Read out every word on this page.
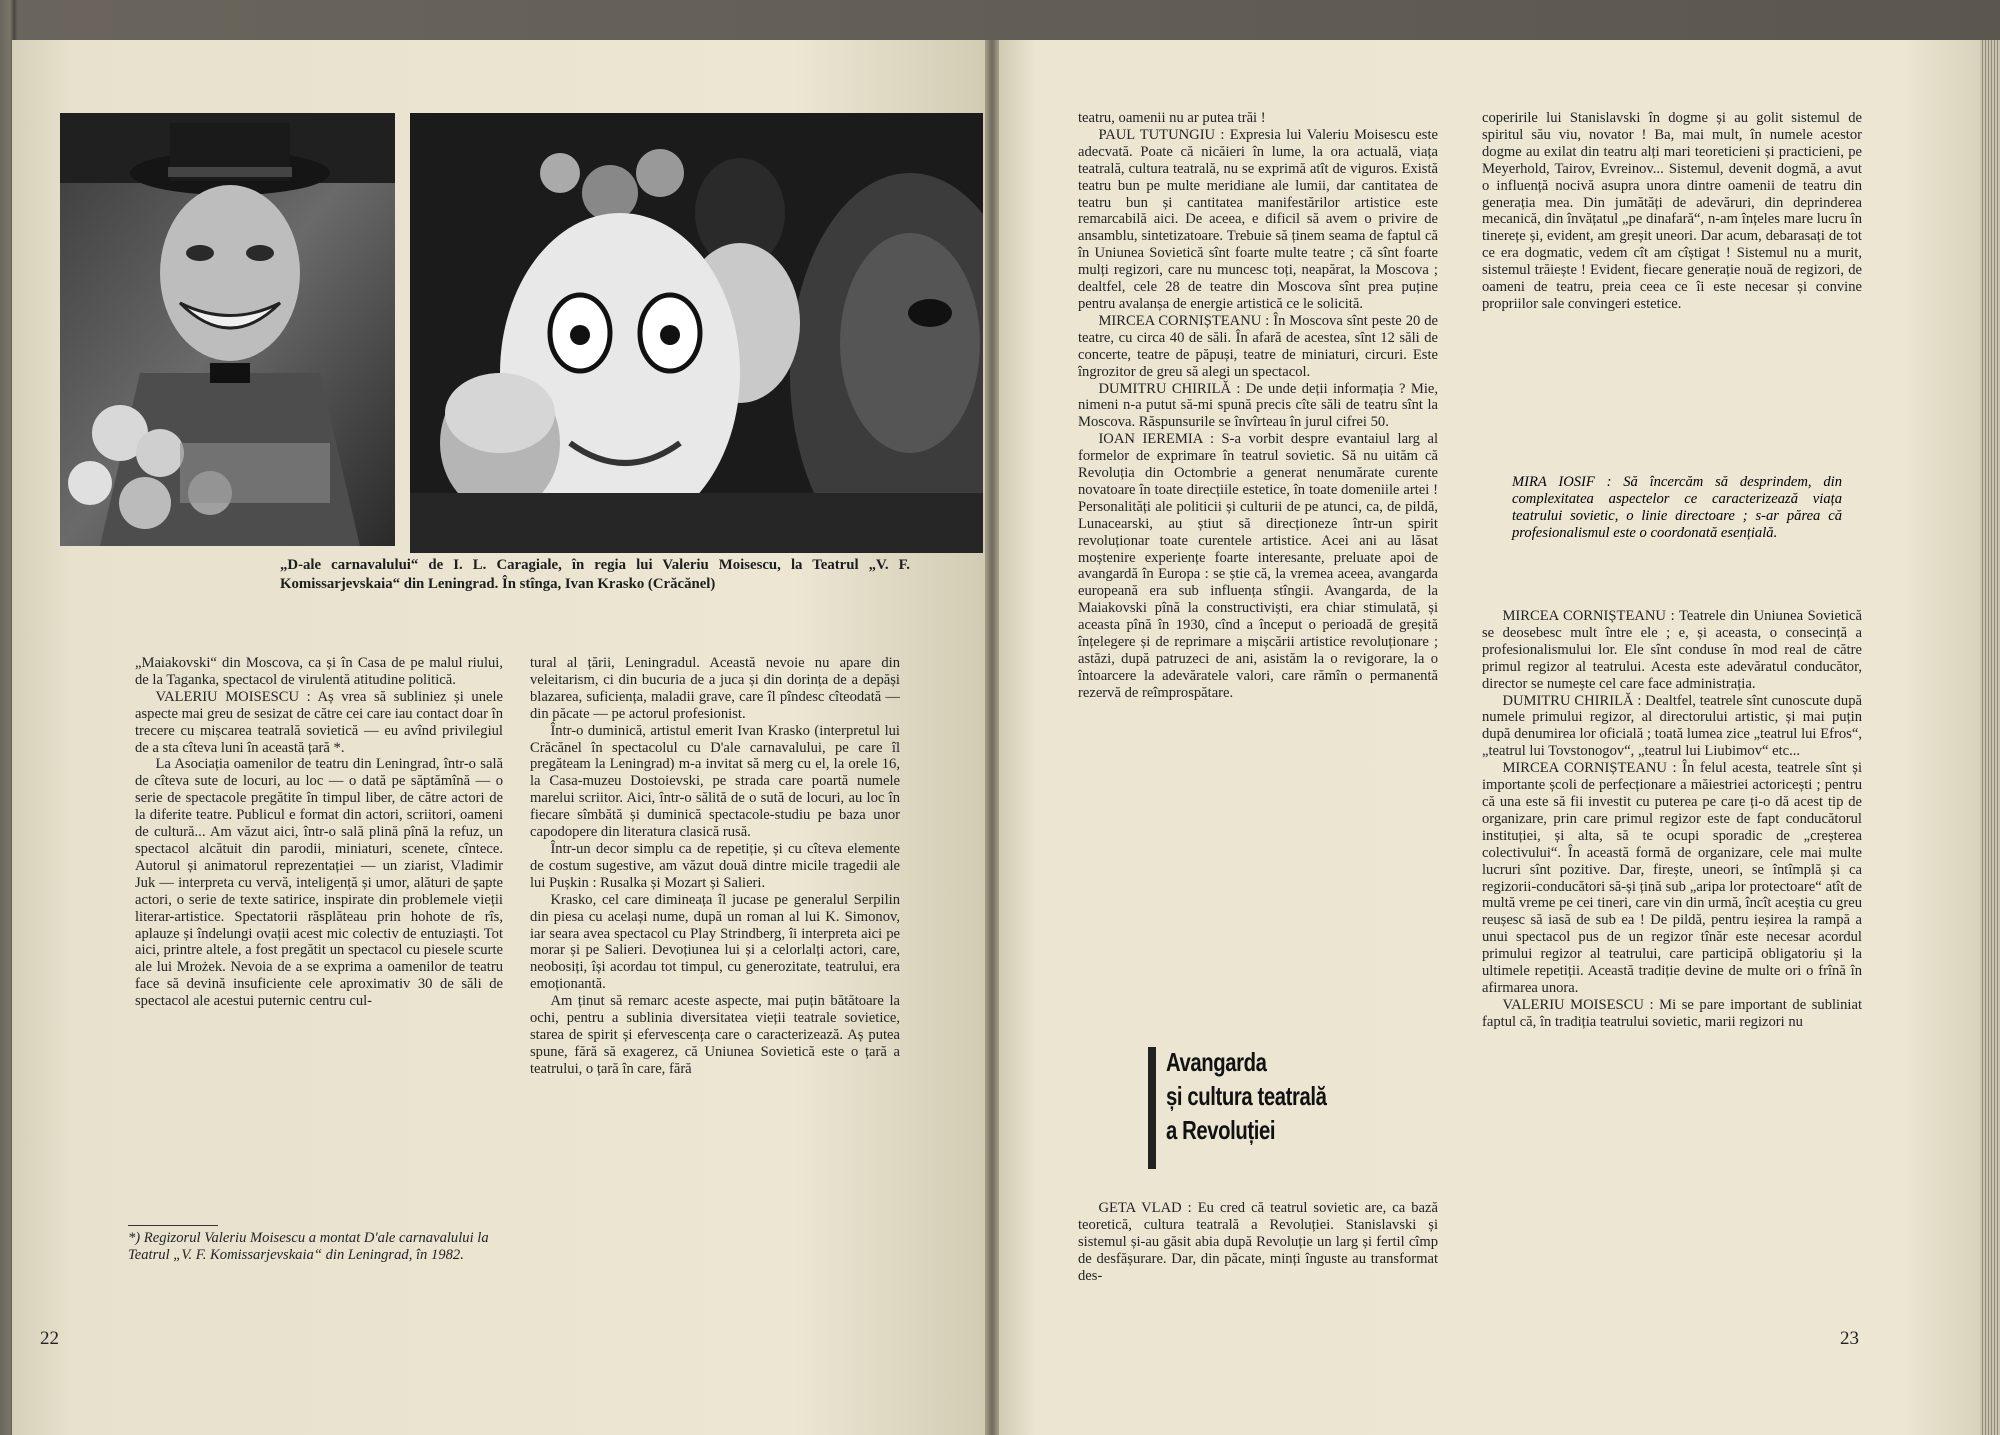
„D-ale carnavalului“ de I. L. Caragiale, în regia lui Valeriu Moisescu, la Teatrul „V. F. Komissarjevskaia“ din Leningrad. În stînga, Ivan Krasko (Crăcănel)

„Maiakovski“ din Moscova, ca și în Casa de pe malul riului, de la Taganka, spectacol de virulentă atitudine politică.

VALERIU MOISESCU : Aș vrea să subliniez și unele aspecte mai greu de sesizat de către cei care iau contact doar în trecere cu mișcarea teatrală sovietică — eu avînd privilegiul de a sta cîteva luni în această țară *.

La Asociația oamenilor de teatru din Leningrad, într-o sală de cîteva sute de locuri, au loc — o dată pe săptămînă — o serie de spectacole pregătite în timpul liber, de către actori de la diferite teatre. Publicul e format din actori, scriitori, oameni de cultură... Am văzut aici, într-o sală plină pînă la refuz, un spectacol alcătuit din parodii, miniaturi, scenete, cîntece. Autorul și animatorul reprezentației — un ziarist, Vladimir Juk — interpreta cu vervă, inteligență și umor, alături de șapte actori, o serie de texte satirice, inspirate din problemele vieții literar-artistice. Spectatorii răsplăteau prin hohote de rîs, aplauze și îndelungi ovații acest mic colectiv de entuziaști. Tot aici, printre altele, a fost pregătit un spectacol cu piesele scurte ale lui Mrożek. Nevoia de a se exprima a oamenilor de teatru face să devină insuficiente cele aproximativ 30 de săli de spectacol ale acestui puternic centru cul-

tural al țării, Leningradul. Această nevoie nu apare din veleitarism, ci din bucuria de a juca și din dorința de a depăși blazarea, suficiența, maladii grave, care îl pîndesc cîteodată — din păcate — pe actorul profesionist.

Într-o duminică, artistul emerit Ivan Krasko (interpretul lui Crăcănel în spectacolul cu D'ale carnavalului, pe care îl pregăteam la Leningrad) m-a invitat să merg cu el, la orele 16, la Casa-muzeu Dostoievski, pe strada care poartă numele marelui scriitor. Aici, într-o sălită de o sută de locuri, au loc în fiecare sîmbătă și duminică spectacole-studiu pe baza unor capodopere din literatura clasică rusă.

Într-un decor simplu ca de repetiție, și cu cîteva elemente de costum sugestive, am văzut două dintre micile tragedii ale lui Pușkin : Rusalka și Mozart și Salieri.

Krasko, cel care dimineața îl jucase pe generalul Serpilin din piesa cu același nume, după un roman al lui K. Simonov, iar seara avea spectacol cu Play Strindberg, îi interpreta aici pe morar și pe Salieri. Devoțiunea lui și a celorlalți actori, care, neobosiți, își acordau tot timpul, cu generozitate, teatrului, era emoționantă.

Am ținut să remarc aceste aspecte, mai puțin bătătoare la ochi, pentru a sublinia diversitatea vieții teatrale sovietice, starea de spirit și efervescența care o caracterizează. Aș putea spune, fără să exagerez, că Uniunea Sovietică este o țară a teatrului, o țară în care, fără

*) Regizorul Valeriu Moisescu a montat D'ale carnavalului la Teatrul „V. F. Komissarjevskaia“ din Leningrad, în 1982.
22

teatru, oamenii nu ar putea trăi !

PAUL TUTUNGIU : Expresia lui Valeriu Moisescu este adecvată. Poate că nicăieri în lume, la ora actuală, viața teatrală, cultura teatrală, nu se exprimă atît de viguros. Există teatru bun pe multe meridiane ale lumii, dar cantitatea de teatru bun și cantitatea manifestărilor artistice este remarcabilă aici. De aceea, e dificil să avem o privire de ansamblu, sintetizatoare. Trebuie să ținem seama de faptul că în Uniunea Sovietică sînt foarte multe teatre ; că sînt foarte mulți regizori, care nu muncesc toți, neapărat, la Moscova ; dealtfel, cele 28 de teatre din Moscova sînt prea puține pentru avalanșa de energie artistică ce le solicită.

MIRCEA CORNIȘTEANU : În Moscova sînt peste 20 de teatre, cu circa 40 de săli. În afară de acestea, sînt 12 săli de concerte, teatre de păpuși, teatre de miniaturi, circuri. Este îngrozitor de greu să alegi un spectacol.

DUMITRU CHIRILĂ : De unde deții informația ? Mie, nimeni n-a putut să-mi spună precis cîte săli de teatru sînt la Moscova. Răspunsurile se învîrteau în jurul cifrei 50.

IOAN IEREMIA : S-a vorbit despre evantaiul larg al formelor de exprimare în teatrul sovietic. Să nu uităm că Revoluția din Octombrie a generat nenumărate curente novatoare în toate direcțiile estetice, în toate domeniile artei ! Personalități ale politicii și culturii de pe atunci, ca, de pildă, Lunacearski, au știut să direcționeze într-un spirit revoluționar toate curentele artistice. Acei ani au lăsat moștenire experiențe foarte interesante, preluate apoi de avangardă în Europa : se știe că, la vremea aceea, avangarda europeană era sub influența stîngii. Avangarda, de la Maiakovski pînă la constructiviști, era chiar stimulată, și aceasta pînă în 1930, cînd a început o perioadă de greșită înțelegere și de reprimare a mișcării artistice revoluționare ; astăzi, după patruzeci de ani, asistăm la o revigorare, la o întoarcere la adevăratele valori, care rămîn o permanentă rezervă de reîmprospătare.

Avangarda
și cultura teatrală
a Revoluției

GETA VLAD : Eu cred că teatrul sovietic are, ca bază teoretică, cultura teatrală a Revoluției. Stanislavski și sistemul și-au găsit abia după Revoluție un larg și fertil cîmp de desfășurare. Dar, din păcate, minți înguste au transformat des-

coperirile lui Stanislavski în dogme și au golit sistemul de spiritul său viu, novator ! Ba, mai mult, în numele acestor dogme au exilat din teatru alți mari teoreticieni și practicieni, pe Meyerhold, Tairov, Evreinov... Sistemul, devenit dogmă, a avut o influență nocivă asupra unora dintre oamenii de teatru din generația mea. Din jumătăți de adevăruri, din deprinderea mecanică, din învățatul „pe dinafară“, n-am înțeles mare lucru în tinerețe și, evident, am greșit uneori. Dar acum, debarasați de tot ce era dogmatic, vedem cît am cîștigat ! Sistemul nu a murit, sistemul trăiește ! Evident, fiecare generație nouă de regizori, de oameni de teatru, preia ceea ce îi este necesar și convine propriilor sale convingeri estetice.

MIRA IOSIF : Să încercăm să desprindem, din complexitatea aspectelor ce caracterizează viața teatrului sovietic, o linie directoare ; s-ar părea că profesionalismul este o coordonată esențială.

MIRCEA CORNIȘTEANU : Teatrele din Uniunea Sovietică se deosebesc mult între ele ; e, și aceasta, o consecință a profesionalismului lor. Ele sînt conduse în mod real de către primul regizor al teatrului. Acesta este adevăratul conducător, director se numește cel care face administrația.

DUMITRU CHIRILĂ : Dealtfel, teatrele sînt cunoscute după numele primului regizor, al directorului artistic, și mai puțin după denumirea lor oficială ; toată lumea zice „teatrul lui Efros“, „teatrul lui Tovstonogov“, „teatrul lui Liubimov“ etc...

MIRCEA CORNIȘTEANU : În felul acesta, teatrele sînt și importante școli de perfecționare a măiestriei actoricești ; pentru că una este să fii investit cu puterea pe care ți-o dă acest tip de organizare, prin care primul regizor este de fapt conducătorul instituției, și alta, să te ocupi sporadic de „creșterea colectivului“. În această formă de organizare, cele mai multe lucruri sînt pozitive. Dar, firește, uneori, se întîmplă și ca regizorii-conducători să-și țină sub „aripa lor protectoare“ atît de multă vreme pe cei tineri, care vin din urmă, încît aceștia cu greu reușesc să iasă de sub ea ! De pildă, pentru ieșirea la rampă a unui spectacol pus de un regizor tînăr este necesar acordul primului regizor al teatrului, care participă obligatoriu și la ultimele repetiții. Această tradiție devine de multe ori o frînă în afirmarea unora.

VALERIU MOISESCU : Mi se pare important de subliniat faptul că, în tradiția teatrului sovietic, marii regizori nu

23
